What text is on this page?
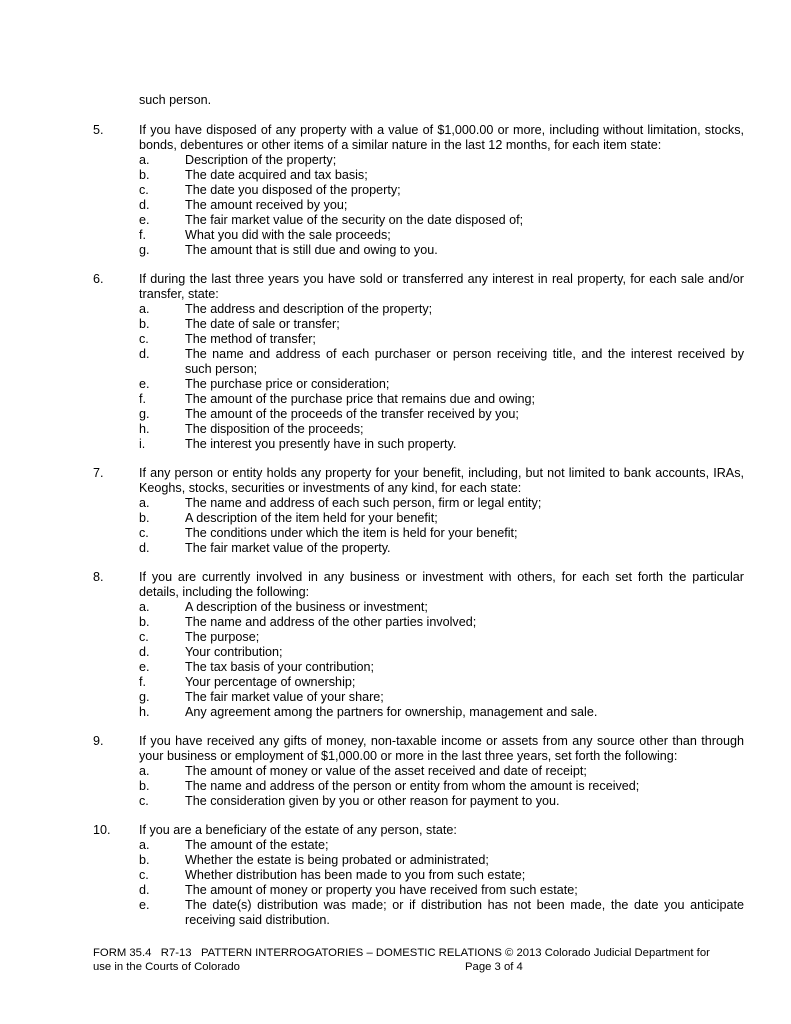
such person.
5.	If you have disposed of any property with a value of $1,000.00 or more, including without limitation, stocks, bonds, debentures or other items of a similar nature in the last 12 months, for each item state:
a.	Description of the property;
b.	The date acquired and tax basis;
c.	The date you disposed of the property;
d.	The amount received by you;
e.	The fair market value of the security on the date disposed of;
f.	What you did with the sale proceeds;
g.	The amount that is still due and owing to you.
6.	If during the last three years you have sold or transferred any interest in real property, for each sale and/or transfer, state:
a.	The address and description of the property;
b.	The date of sale or transfer;
c.	The method of transfer;
d.	The name and address of each purchaser or person receiving title, and the interest received by such person;
e.	The purchase price or consideration;
f.	The amount of the purchase price that remains due and owing;
g.	The amount of the proceeds of the transfer received by you;
h.	The disposition of the proceeds;
i.	The interest you presently have in such property.
7.	If any person or entity holds any property for your benefit, including, but not limited to bank accounts, IRAs, Keoghs, stocks, securities or investments of any kind, for each state:
a.	The name and address of each such person, firm or legal entity;
b.	A description of the item held for your benefit;
c.	The conditions under which the item is held for your benefit;
d.	The fair market value of the property.
8.	If you are currently involved in any business or investment with others, for each set forth the particular details, including the following:
a.	A description of the business or investment;
b.	The name and address of the other parties involved;
c.	The purpose;
d.	Your contribution;
e.	The tax basis of your contribution;
f.	Your percentage of ownership;
g.	The fair market value of your share;
h.	Any agreement among the partners for ownership, management and sale.
9.	If you have received any gifts of money, non-taxable income or assets from any source other than through your business or employment of $1,000.00 or more in the last three years, set forth the following:
a.	The amount of money or value of the asset received and date of receipt;
b.	The name and address of the person or entity from whom the amount is received;
c.	The consideration given by you or other reason for payment to you.
10.	If you are a beneficiary of the estate of any person, state:
a.	The amount of the estate;
b.	Whether the estate is being probated or administrated;
c.	Whether distribution has been made to you from such estate;
d.	The amount of money or property you have received from such estate;
e.	The date(s) distribution was made; or if distribution has not been made, the date you anticipate receiving said distribution.
FORM 35.4   R7-13   PATTERN INTERROGATORIES – DOMESTIC RELATIONS © 2013 Colorado Judicial Department for
use in the Courts of Colorado	Page 3 of 4
